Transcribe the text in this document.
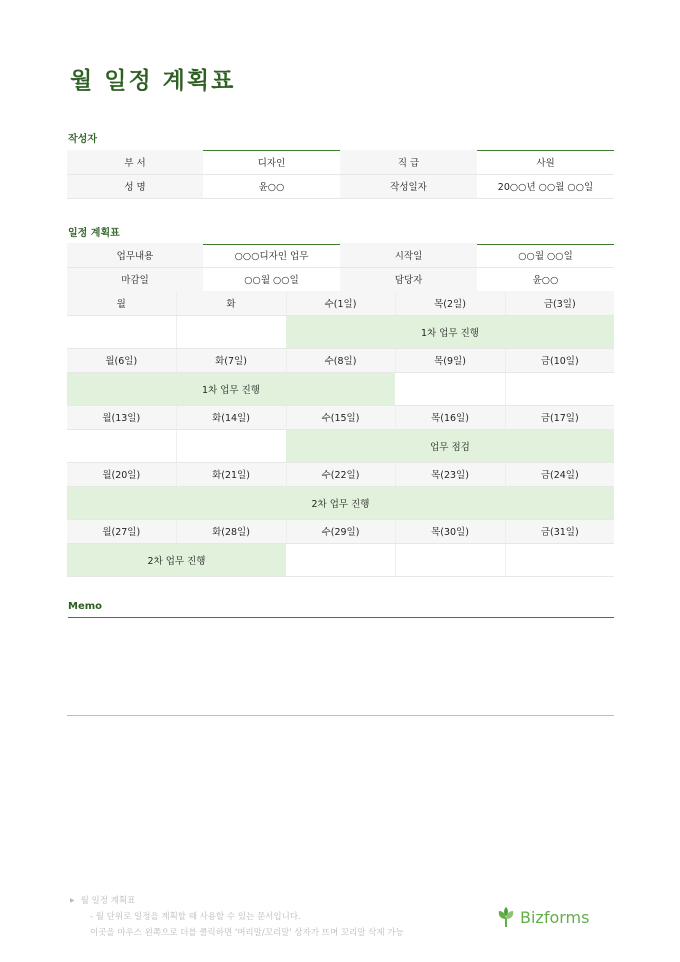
월 일정 계획표
작성자
부 서	디자인	직 급	사원
성 명	윤○○	작성일자	20○○년 ○○월 ○○일
일정 계획표
업무내용	○○○디자인 업무	시작일	○○월 ○○일
마감일	○○월 ○○일	담당자	윤○○
월	화	수(1일)	목(2일)	금(3일)
		1차 업무 진행		
월(6일)	화(7일)	수(8일)	목(9일)	금(10일)
1차 업무 진행				
월(13일)	화(14일)	수(15일)	목(16일)	금(17일)
		업무 점검		
월(20일)	화(21일)	수(22일)	목(23일)	금(24일)
2차 업무 진행				
월(27일)	화(28일)	수(29일)	목(30일)	금(31일)
2차 업무 진행				
Memo
▶ 월 일정 계획표
- 월 단위로 일정을 계획할 때 사용할 수 있는 문서입니다.
이곳을 마우스 왼쪽으로 더블 클릭하면 '머리말/꼬리말' 상자가 뜨며 꼬리말 삭제 가능
Bizforms
